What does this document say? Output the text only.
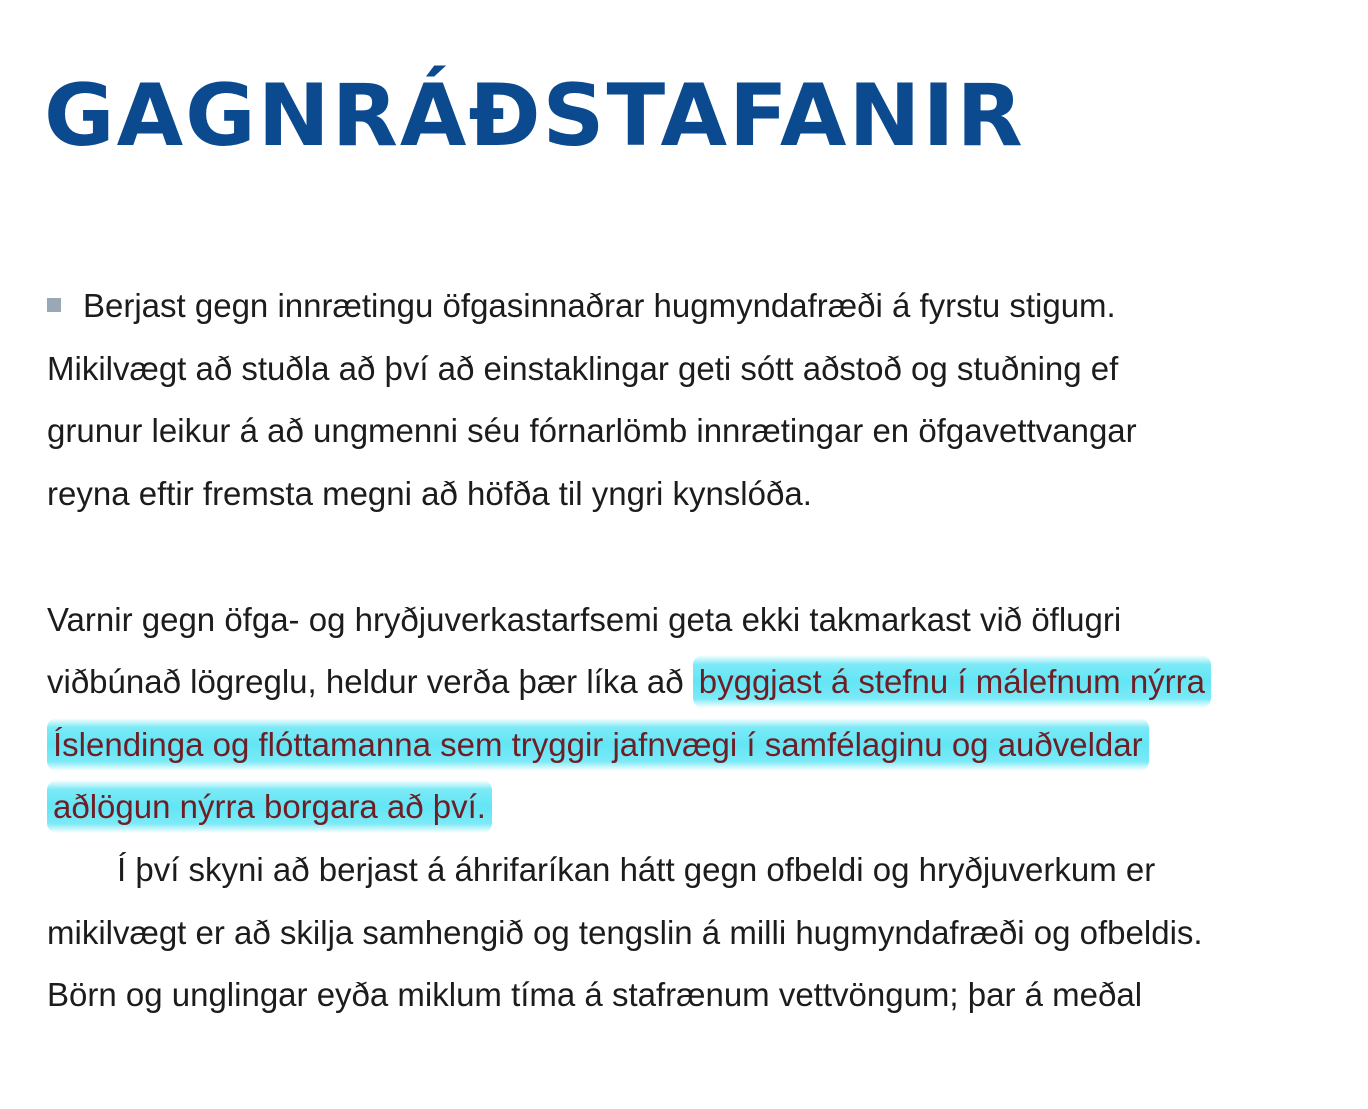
GAGNRÁÐSTAFANIR
Berjast gegn innrætingu öfgasinnaðrar hugmyndafræði á fyrstu stigum.
Mikilvægt að stuðla að því að einstaklingar geti sótt aðstoð og stuðning ef
grunur leikur á að ungmenni séu fórnarlömb innrætingar en öfgavettvangar
reyna eftir fremsta megni að höfða til yngri kynslóða.
Varnir gegn öfga- og hryðjuverkastarfsemi geta ekki takmarkast við öflugri
viðbúnað lögreglu, heldur verða þær líka að byggjast á stefnu í málefnum nýrra
Íslendinga og flóttamanna sem tryggir jafnvægi í samfélaginu og auðveldar
aðlögun nýrra borgara að því.
Í því skyni að berjast á áhrifaríkan hátt gegn ofbeldi og hryðjuverkum er
mikilvægt er að skilja samhengið og tengslin á milli hugmyndafræði og ofbeldis.
Börn og unglingar eyða miklum tíma á stafrænum vettvöngum; þar á meðal
